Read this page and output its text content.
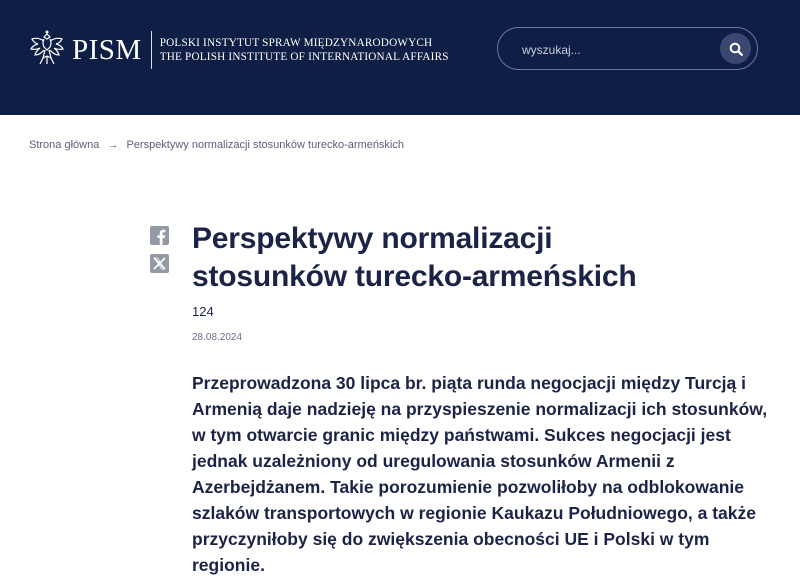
PISM POLSKI INSTYTUT SPRAW MIĘDZYNARODOWYCH
THE POLISH INSTITUTE OF INTERNATIONAL AFFAIRS
wyszukaj...
Strona główna → Perspektywy normalizacji stosunków turecko-armeńskich
Perspektywy normalizacji
stosunków turecko-armeńskich
124
28.08.2024

Przeprowadzona 30 lipca br. piąta runda negocjacji między Turcją i Armenią daje nadzieję na przyspieszenie normalizacji ich stosunków, w tym otwarcie granic między państwami. Sukces negocjacji jest jednak uzależniony od uregulowania stosunków Armenii z Azerbejdżanem. Takie porozumienie pozwoliłoby na odblokowanie szlaków transportowych w regionie Kaukazu Południowego, a także przyczyniłoby się do zwiększenia obecności UE i Polski w tym regionie.
